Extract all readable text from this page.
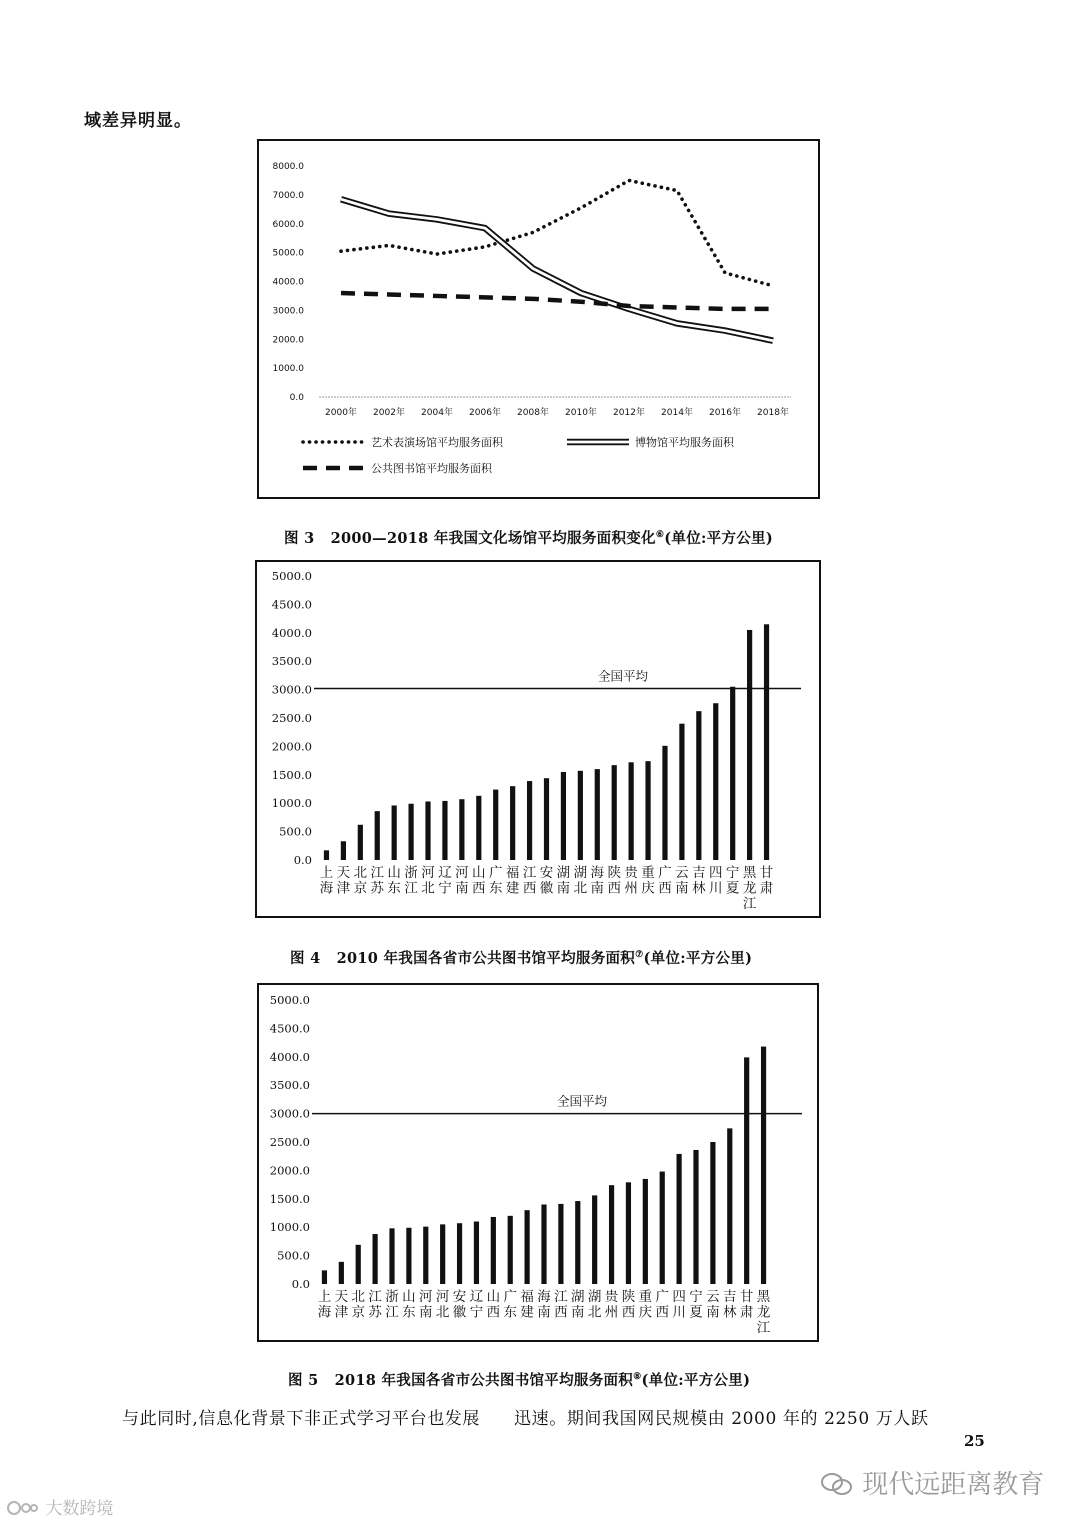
域差异明显。
0.0
1000.0
2000.0
3000.0
4000.0
5000.0
6000.0
7000.0
8000.0
2000年 2002年 2004年 2006年 2008年 2010年 2012年 2014年 2016年 2018年
艺术表演场馆平均服务面积	博物馆平均服务面积
公共图书馆平均服务面积
图 3 2000—2018 年我国文化场馆平均服务面积变化⑥(单位:平方公里)
0.0
500.0
1000.0
1500.0
2000.0
2500.0
3000.0
3500.0
4000.0
4500.0
5000.0
上海
天津
北京
江苏
山东
浙江
河北
辽宁
河南
山西
广东
福建
江西
安徽
湖南
湖北
海南
陕西
贵州
重庆
广西
云南
吉林
四川
宁夏
黑龙江
甘肃
全国平均
图 4 2010 年我国各省市公共图书馆平均服务面积⑦(单位:平方公里)
0.0
500.0
1000.0
1500.0
2000.0
2500.0
3000.0
3500.0
4000.0
4500.0
5000.0
上海
天津
北京
江苏
浙江
山东
河南
河北
安徽
辽宁
山西
广东
福建
海南
江西
湖南
湖北
贵州
陕西
重庆
广西
四川
宁夏
云南
吉林
甘肃
黑龙江
全国平均
图 5 2018 年我国各省市公共图书馆平均服务面积⑧(单位:平方公里)
与此同时,信息化背景下非正式学习平台也发展 迅速。期间我国网民规模由 2000 年的 2250 万人跃
25
现代远距离教育
大数跨境
